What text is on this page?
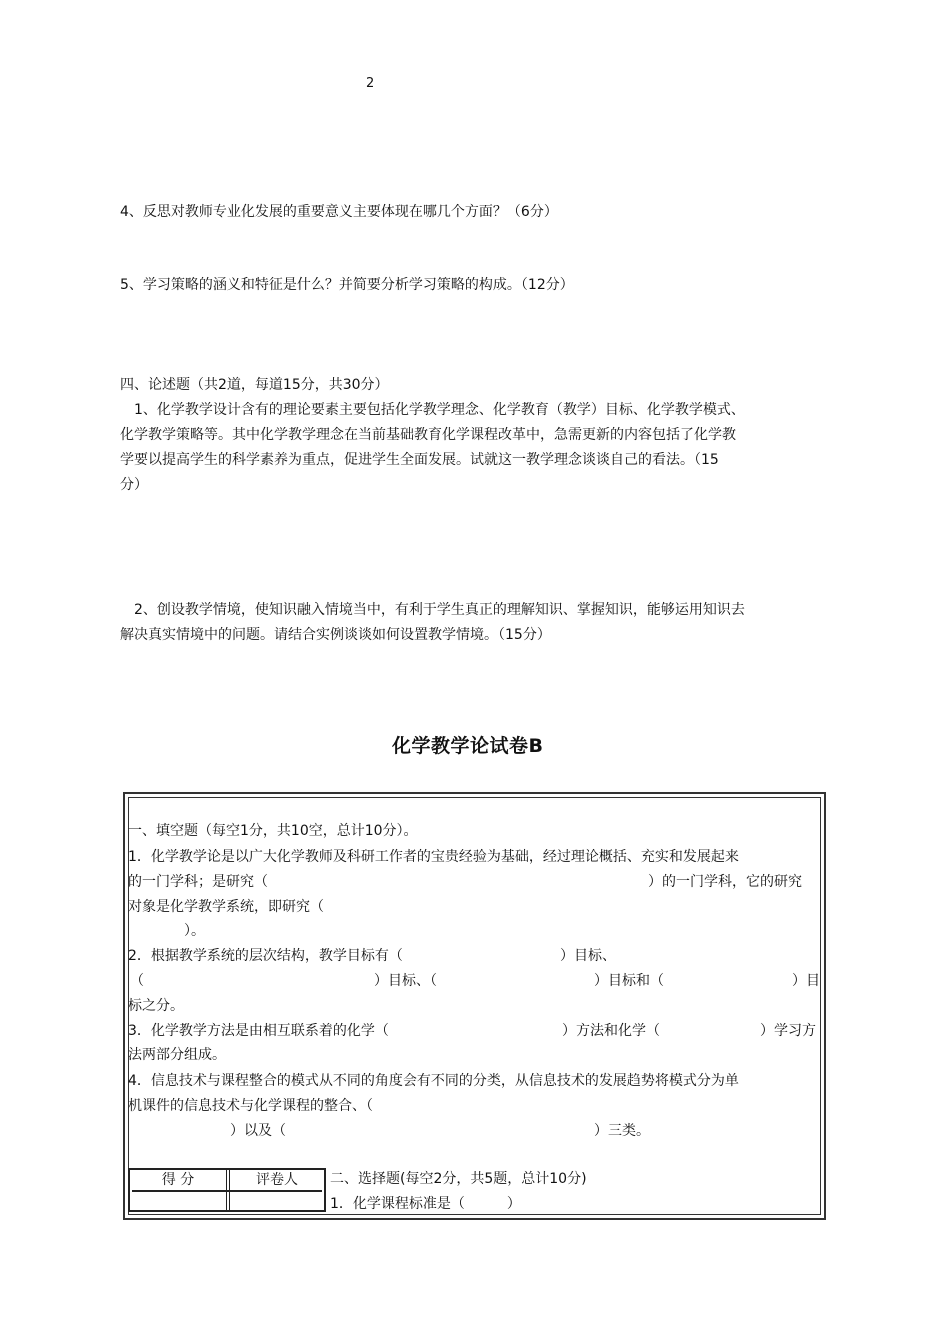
2
4、反思对教师专业化发展的重要意义主要体现在哪几个方面？（6分）
5、学习策略的涵义和特征是什么？并简要分析学习策略的构成。（12分）
四、论述题（共2道，每道15分，共30分）
　1、化学教学设计含有的理论要素主要包括化学教学理念、化学教育（教学）目标、化学教学模式、
化学教学策略等。其中化学教学理念在当前基础教育化学课程改革中，急需更新的内容包括了化学教
学要以提高学生的科学素养为重点，促进学生全面发展。试就这一教学理念谈谈自己的看法。（15
分）
　2、创设教学情境，使知识融入情境当中，有利于学生真正的理解知识、掌握知识，能够运用知识去
解决真实情境中的问题。请结合实例谈谈如何设置教学情境。（15分）
化学教学论试卷B
一、填空题（每空1分，共10空，总计10分）。
1．化学教学论是以广大化学教师及科研工作者的宝贵经验为基础，经过理论概括、充实和发展起来
的一门学科；是研究（	）的一门学科，它的研究
对象是化学教学系统，即研究（
）。
2．根据教学系统的层次结构，教学目标有（	）目标、
（	）目标、（	）目标和（	）目
标之分。
3．化学教学方法是由相互联系着的化学（	）方法和化学（	）学习方
法两部分组成。
4．信息技术与课程整合的模式从不同的角度会有不同的分类，从信息技术的发展趋势将模式分为单
机课件的信息技术与化学课程的整合、（
）以及（	）三类。
得 分	评卷人	二、选择题(每空2分，共5题，总计10分)
1．化学课程标准是（　　　）
